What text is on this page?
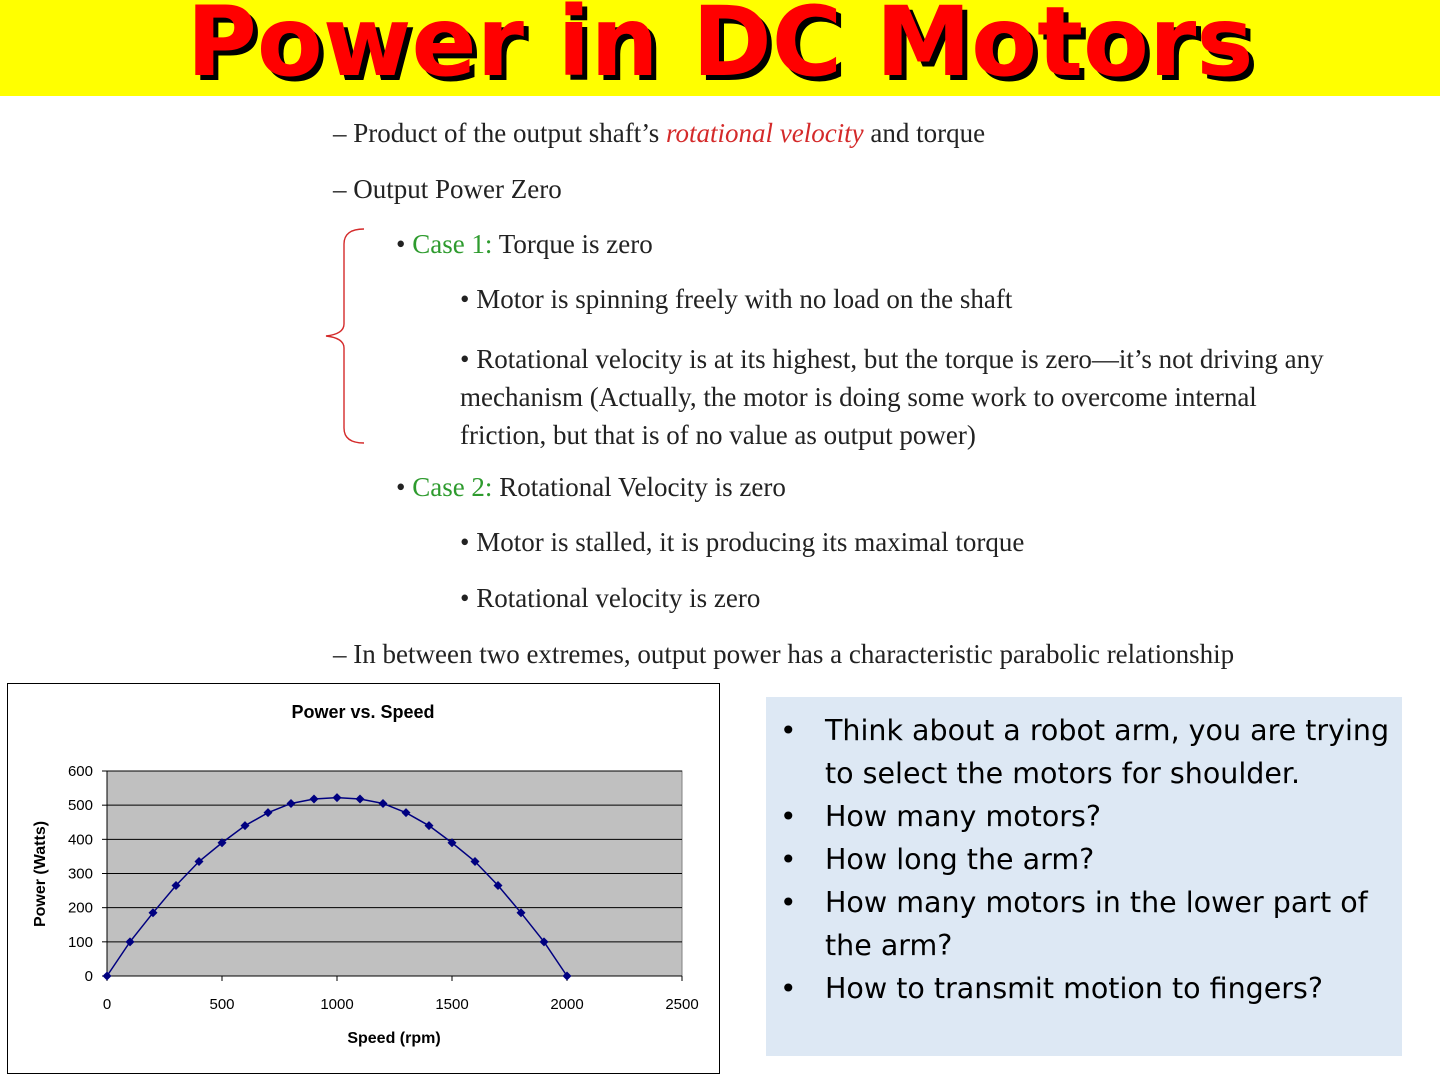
Power in DC Motors
– Product of the output shaft’s rotational velocity and torque
– Output Power Zero
• Case 1: Torque is zero
• Motor is spinning freely with no load on the shaft
• Rotational velocity is at its highest, but the torque is zero—it’s not driving any mechanism (Actually, the motor is doing some work to overcome internal friction, but that is of no value as output power)
• Case 2: Rotational Velocity is zero
• Motor is stalled, it is producing its maximal torque
• Rotational velocity is zero
– In between two extremes, output power has a characteristic parabolic relationship
0
100
200
300
400
500
600
0	500	1000	1500	2000	2500
Power vs. Speed
Speed (rpm)
Power (Watts)
• Think about a robot arm, you are trying to select the motors for shoulder.
• How many motors?
• How long the arm?
• How many motors in the lower part of the arm?
• How to transmit motion to fingers?
